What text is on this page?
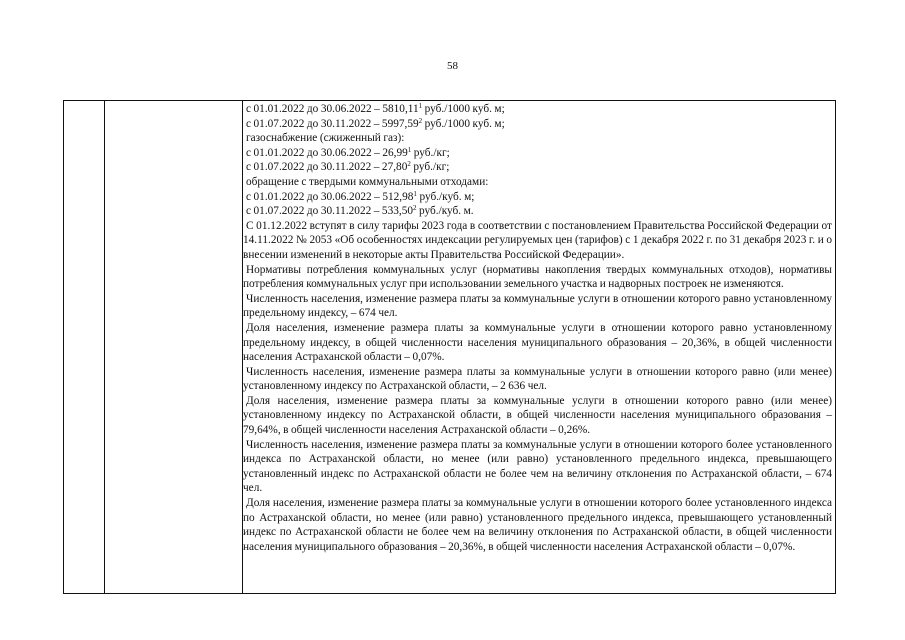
58

с 01.01.2022 до 30.06.2022 – 5810,11$^1$ руб./1000 куб. м;

с 01.07.2022 до 30.11.2022 – 5997,59$^2$ руб./1000 куб. м;

газоснабжение (сжиженный газ):

с 01.01.2022 до 30.06.2022 – 26,99$^1$ руб./кг;

с 01.07.2022 до 30.11.2022 – 27,80$^2$ руб./кг;

обращение с твердыми коммунальными отходами:

с 01.01.2022 до 30.06.2022 – 512,98$^1$ руб./куб. м;

с 01.07.2022 до 30.11.2022 – 533,50$^2$ руб./куб. м.

С 01.12.2022 вступят в силу тарифы 2023 года в соответствии с постановлением Правительства Российской Федерации от 14.11.2022 № 2053 «Об особенностях индексации регулируемых цен (тарифов) с 1 декабря 2022 г. по 31 декабря 2023 г. и о внесении изменений в некоторые акты Правительства Российской Федерации».

Нормативы потребления коммунальных услуг (нормативы накопления твердых коммунальных отходов), нормативы потребления коммунальных услуг при использовании земельного участка и надворных построек не изменяются.

Численность населения, изменение размера платы за коммунальные услуги в отношении которого равно установленному предельному индексу, – 674 чел.

Доля населения, изменение размера платы за коммунальные услуги в отношении которого равно установленному предельному индексу, в общей численности населения муниципального образования – 20,36%, в общей численности населения Астраханской области – 0,07%.

Численность населения, изменение размера платы за коммунальные услуги в отношении которого равно (или менее) установленному индексу по Астраханской области, – 2 636 чел.

Доля населения, изменение размера платы за коммунальные услуги в отношении которого равно (или менее) установленному индексу по Астраханской области, в общей численности населения муниципального образования – 79,64%, в общей численности населения Астраханской области – 0,26%.

Численность населения, изменение размера платы за коммунальные услуги в отношении которого более установленного индекса по Астраханской области, но менее (или равно) установленного предельного индекса, превышающего установленный индекс по Астраханской области не более чем на величину отклонения по Астраханской области, – 674 чел.

Доля населения, изменение размера платы за коммунальные услуги в отношении которого более установленного индекса по Астраханской области, но менее (или равно) установленного предельного индекса, превышающего установленный индекс по Астраханской области не более чем на величину отклонения по Астраханской области, в общей численности населения муниципального образования – 20,36%, в общей численности населения Астраханской области – 0,07%.
